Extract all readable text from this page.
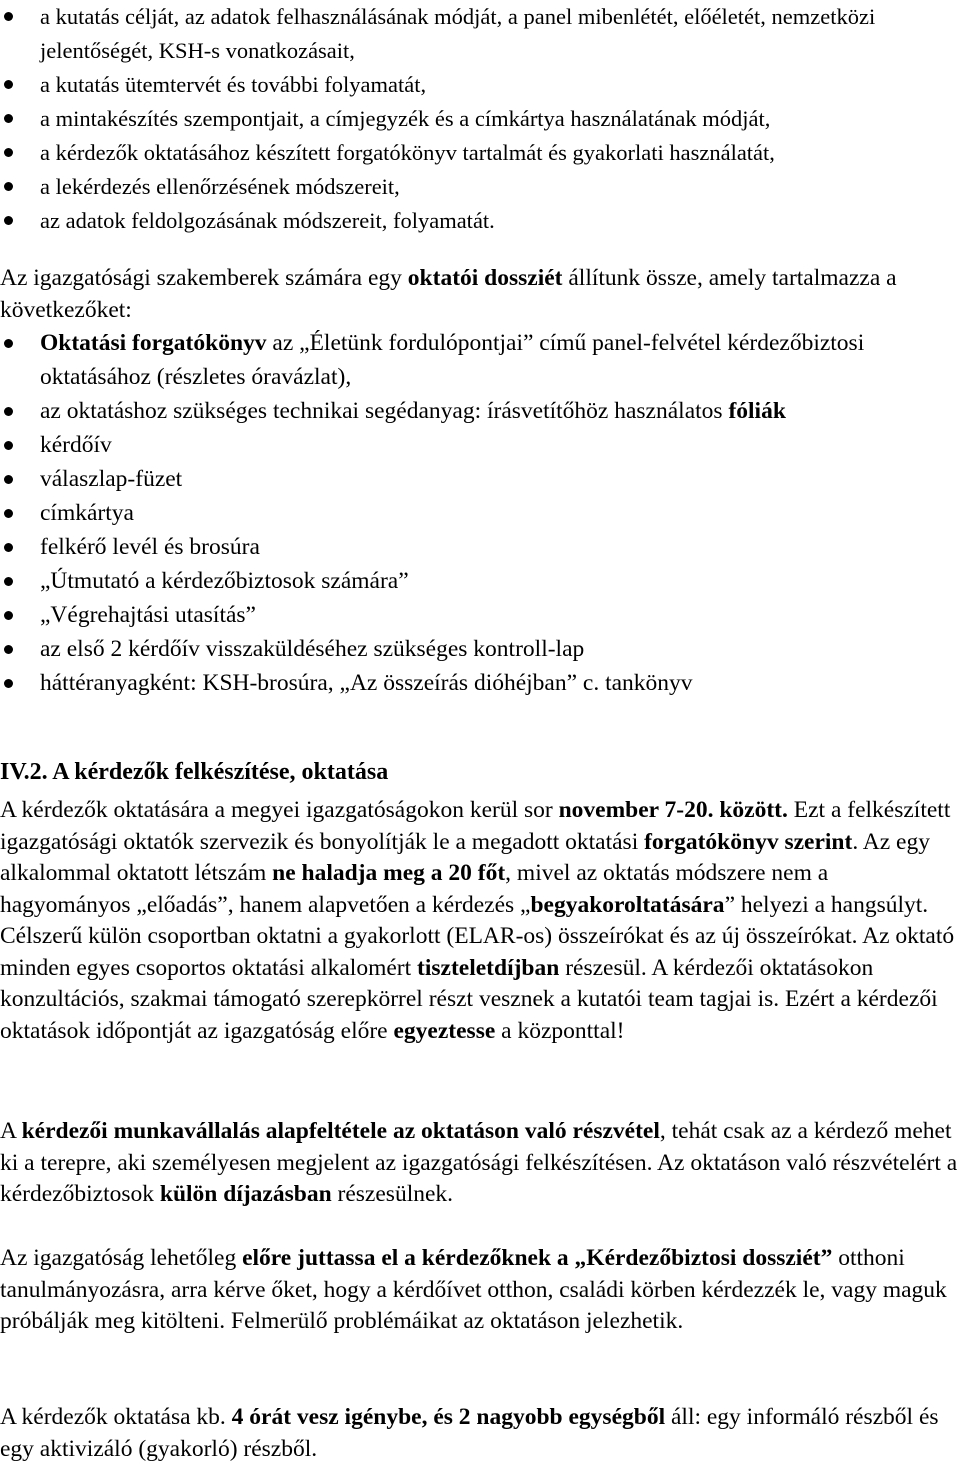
a kutatás célját, az adatok felhasználásának módját, a panel mibenlétét, előéletét, nemzetközi jelentőségét, KSH-s vonatkozásait,
a kutatás ütemtervét és további folyamatát,
a mintakészítés szempontjait, a címjegyzék és a címkártya használatának módját,
a kérdezők oktatásához készített forgatókönyv tartalmát és gyakorlati használatát,
a lekérdezés ellenőrzésének módszereit,
az adatok feldolgozásának módszereit, folyamatát.

Az igazgatósági szakemberek számára egy oktatói dossziét állítunk össze, amely tartalmazza a következőket:

Oktatási forgatókönyv az „Életünk fordulópontjai” című panel-felvétel kérdezőbiztosi oktatásához (részletes óravázlat),
az oktatáshoz szükséges technikai segédanyag: írásvetítőhöz használatos fóliák
kérdőív
válaszlap-füzet
címkártya
felkérő levél és brosúra
„Útmutató a kérdezőbiztosok számára”
„Végrehajtási utasítás”
az első 2 kérdőív visszaküldéséhez szükséges kontroll-lap
háttéranyagként: KSH-brosúra, „Az összeírás dióhéjban” c. tankönyv
IV.2. A kérdezők felkészítése, oktatása

A kérdezők oktatására a megyei igazgatóságokon kerül sor november 7-20. között. Ezt a felkészített igazgatósági oktatók szervezik és bonyolítják le a megadott oktatási forgatókönyv szerint. Az egy alkalommal oktatott létszám ne haladja meg a 20 főt, mivel az oktatás módszere nem a hagyományos „előadás”, hanem alapvetően a kérdezés „begyakoroltatására” helyezi a hangsúlyt. Célszerű külön csoportban oktatni a gyakorlott (ELAR-os) összeírókat és az új összeírókat. Az oktató minden egyes csoportos oktatási alkalomért tiszteletdíjban részesül. A kérdezői oktatásokon konzultációs, szakmai támogató szerepkörrel részt vesznek a kutatói team tagjai is. Ezért a kérdezői oktatások időpontját az igazgatóság előre egyeztesse a központtal!

A kérdezői munkavállalás alapfeltétele az oktatáson való részvétel, tehát csak az a kérdező mehet ki a terepre, aki személyesen megjelent az igazgatósági felkészítésen. Az oktatáson való részvételért a kérdezőbiztosok külön díjazásban részesülnek.

Az igazgatóság lehetőleg előre juttassa el a kérdezőknek a „Kérdezőbiztosi dossziét” otthoni tanulmányozásra, arra kérve őket, hogy a kérdőívet otthon, családi körben kérdezzék le, vagy maguk próbálják meg kitölteni. Felmerülő problémáikat az oktatáson jelezhetik.

A kérdezők oktatása kb. 4 órát vesz igénybe, és 2 nagyobb egységből áll: egy informáló részből és egy aktivizáló (gyakorló) részből.
